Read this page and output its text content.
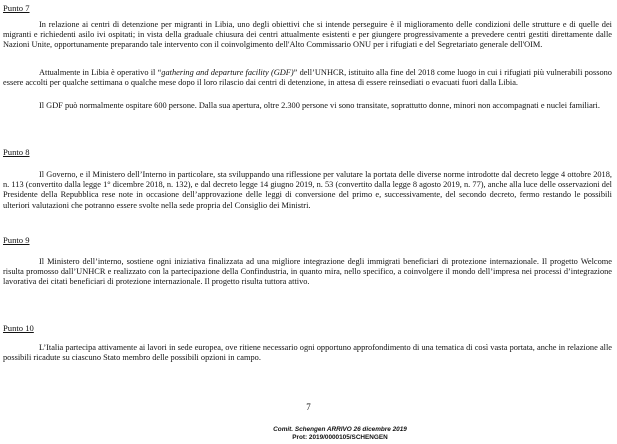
Punto 7

In relazione ai centri di detenzione per migranti in Libia, uno degli obiettivi che si intende perseguire è il miglioramento delle condizioni delle strutture e di quelle dei migranti e richiedenti asilo ivi ospitati; in vista della graduale chiusura dei centri attualmente esistenti e per giungere progressivamente a prevedere centri gestiti direttamente dalle Nazioni Unite, opportunamente preparando tale intervento con il coinvolgimento dell'Alto Commissario ONU per i rifugiati e del Segretariato generale dell'OIM.

Attualmente in Libia è operativo il “gathering and departure facility (GDF)” dell’UNHCR, istituito alla fine del 2018 come luogo in cui i rifugiati più vulnerabili possono essere accolti per qualche settimana o qualche mese dopo il loro rilascio dai centri di detenzione, in attesa di essere reinsediati o evacuati fuori dalla Libia.

Il GDF può normalmente ospitare 600 persone. Dalla sua apertura, oltre 2.300 persone vi sono transitate, soprattutto donne, minori non accompagnati e nuclei familiari.

Punto 8

Il Governo, e il Ministero dell’Interno in particolare, sta sviluppando una riflessione per valutare la portata delle diverse norme introdotte dal decreto legge 4 ottobre 2018, n. 113 (convertito dalla legge 1° dicembre 2018, n. 132), e dal decreto legge 14 giugno 2019, n. 53 (convertito dalla legge 8 agosto 2019, n. 77), anche alla luce delle osservazioni del Presidente della Repubblica rese note in occasione dell’approvazione delle leggi di conversione del primo e, successivamente, del secondo decreto, fermo restando le possibili ulteriori valutazioni che potranno essere svolte nella sede propria del Consiglio dei Ministri.

Punto 9

Il Ministero dell’interno, sostiene ogni iniziativa finalizzata ad una migliore integrazione degli immigrati beneficiari di protezione internazionale. Il progetto Welcome risulta promosso dall’UNHCR e realizzato con la partecipazione della Confindustria, in quanto mira, nello specifico, a coinvolgere il mondo dell’impresa nei processi d’integrazione lavorativa dei citati beneficiari di protezione internazionale. Il progetto risulta tuttora attivo.

Punto 10

L’Italia partecipa attivamente ai lavori in sede europea, ove ritiene necessario ogni opportuno approfondimento di una tematica di così vasta portata, anche in relazione alle possibili ricadute su ciascuno Stato membro delle possibili opzioni in campo.

7
Comit. Schengen ARRIVO 26 dicembre 2019
Prot: 2019/0000105/SCHENGEN
